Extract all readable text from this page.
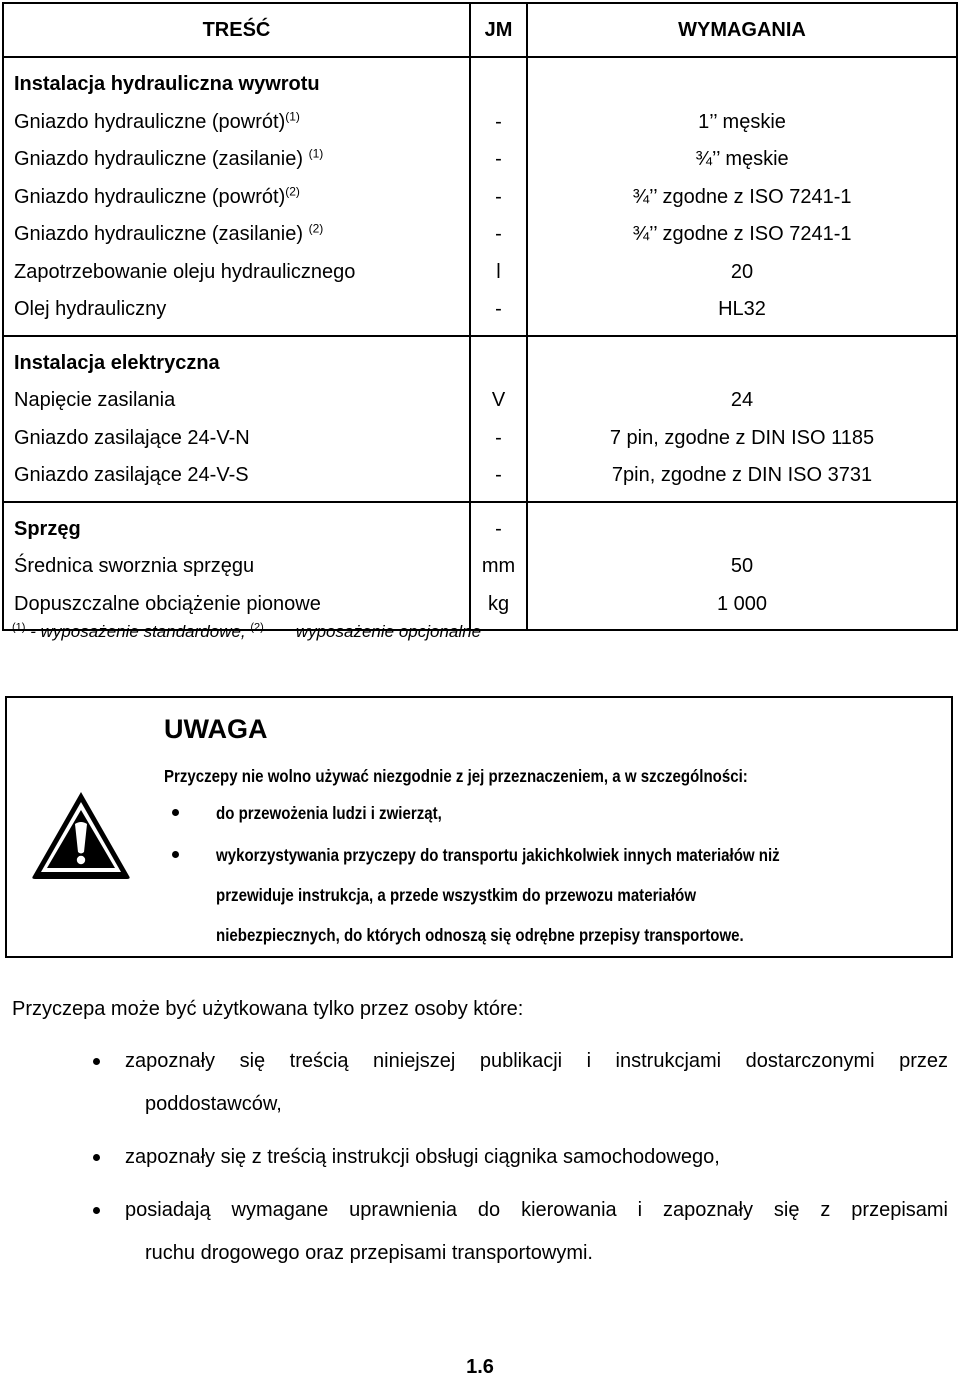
TREŚĆ	JM	WYMAGANIA
Instalacja hydrauliczna wywrotu		
Gniazdo hydrauliczne (powrót)$^{(1)}$	-	1’’ męskie
Gniazdo hydrauliczne (zasilanie) $^{(1)}$	-	¾’’ męskie
Gniazdo hydrauliczne (powrót)$^{(2)}$	-	¾’’ zgodne z ISO 7241-1
Gniazdo hydrauliczne (zasilanie) $^{(2)}$	-	¾’’ zgodne z ISO 7241-1
Zapotrzebowanie oleju hydraulicznego	l	20
Olej hydrauliczny	-	HL32
Instalacja elektryczna		
Napięcie zasilania	V	24
Gniazdo zasilające 24-V-N	-	7 pin, zgodne z DIN ISO 1185
Gniazdo zasilające 24-V-S	-	7pin, zgodne z DIN ISO 3731
Sprzęg	-	
Średnica sworznia sprzęgu	mm	50
Dopuszczalne obciążenie pionowe	kg	1 000
$^{(1)}$ - wyposażenie standardowe, $^{(2)}$ wyposażenie opcjonalne
UWAGA
Przyczepy nie wolno używać niezgodnie z jej przeznaczeniem, a w szczególności:
do przewożenia ludzi i zwierząt,
wykorzystywania przyczepy do transportu jakichkolwiek innych materiałów niż
przewiduje instrukcja, a przede wszystkim do przewozu materiałów
niebezpiecznych, do których odnoszą się odrębne przepisy transportowe.
Przyczepa może być użytkowana tylko przez osoby które:
zapoznały się treścią niniejszej publikacji i instrukcjami dostarczonymi przez
poddostawców,
zapoznały się z treścią instrukcji obsługi ciągnika samochodowego,
posiadają wymagane uprawnienia do kierowania i zapoznały się z przepisami
ruchu drogowego oraz przepisami transportowymi.
1.6
